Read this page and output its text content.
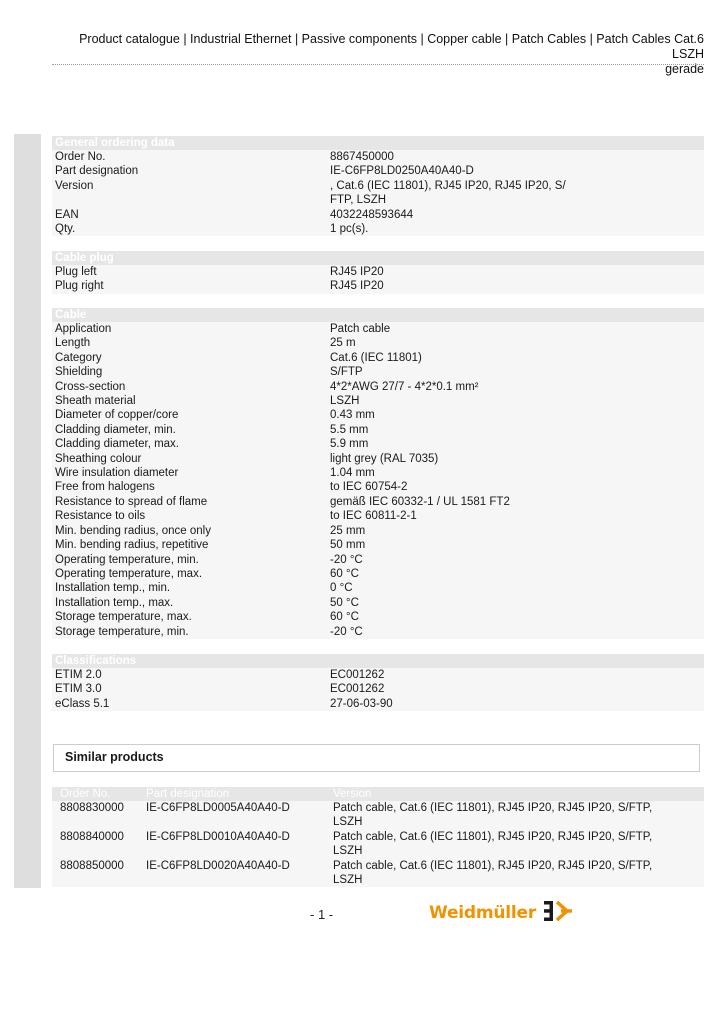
Product catalogue | Industrial Ethernet | Passive components | Copper cable | Patch Cables | Patch Cables Cat.6 LSZH
gerade
General ordering data
Order No.	8867450000
Part designation	IE-C6FP8LD0250A40A40-D
Version	, Cat.6 (IEC 11801), RJ45 IP20, RJ45 IP20, S/ FTP, LSZH
EAN	4032248593644
Qty.	1 pc(s).
Cable plug
Plug left	RJ45 IP20
Plug right	RJ45 IP20
Cable
Application	Patch cable
Length	25 m
Category	Cat.6 (IEC 11801)
Shielding	S/FTP
Cross-section	4*2*AWG 27/7 - 4*2*0.1 mm²
Sheath material	LSZH
Diameter of copper/core	0.43 mm
Cladding diameter, min.	5.5 mm
Cladding diameter, max.	5.9 mm
Sheathing colour	light grey (RAL 7035)
Wire insulation diameter	1.04 mm
Free from halogens	to IEC 60754-2
Resistance to spread of flame	gemäß IEC 60332-1 / UL 1581 FT2
Resistance to oils	to IEC 60811-2-1
Min. bending radius, once only	25 mm
Min. bending radius, repetitive	50 mm
Operating temperature, min.	-20 °C
Operating temperature, max.	60 °C
Installation temp., min.	0 °C
Installation temp., max.	50 °C
Storage temperature, max.	60 °C
Storage temperature, min.	-20 °C
Classifications
ETIM 2.0	EC001262
ETIM 3.0	EC001262
eClass 5.1	27-06-03-90
Similar products
Order No.	Part designation	Version
8808830000	IE-C6FP8LD0005A40A40-D	Patch cable, Cat.6 (IEC 11801), RJ45 IP20, RJ45 IP20, S/FTP, LSZH
8808840000	IE-C6FP8LD0010A40A40-D	Patch cable, Cat.6 (IEC 11801), RJ45 IP20, RJ45 IP20, S/FTP, LSZH
8808850000	IE-C6FP8LD0020A40A40-D	Patch cable, Cat.6 (IEC 11801), RJ45 IP20, RJ45 IP20, S/FTP, LSZH
- 1 -	Weidmüller
